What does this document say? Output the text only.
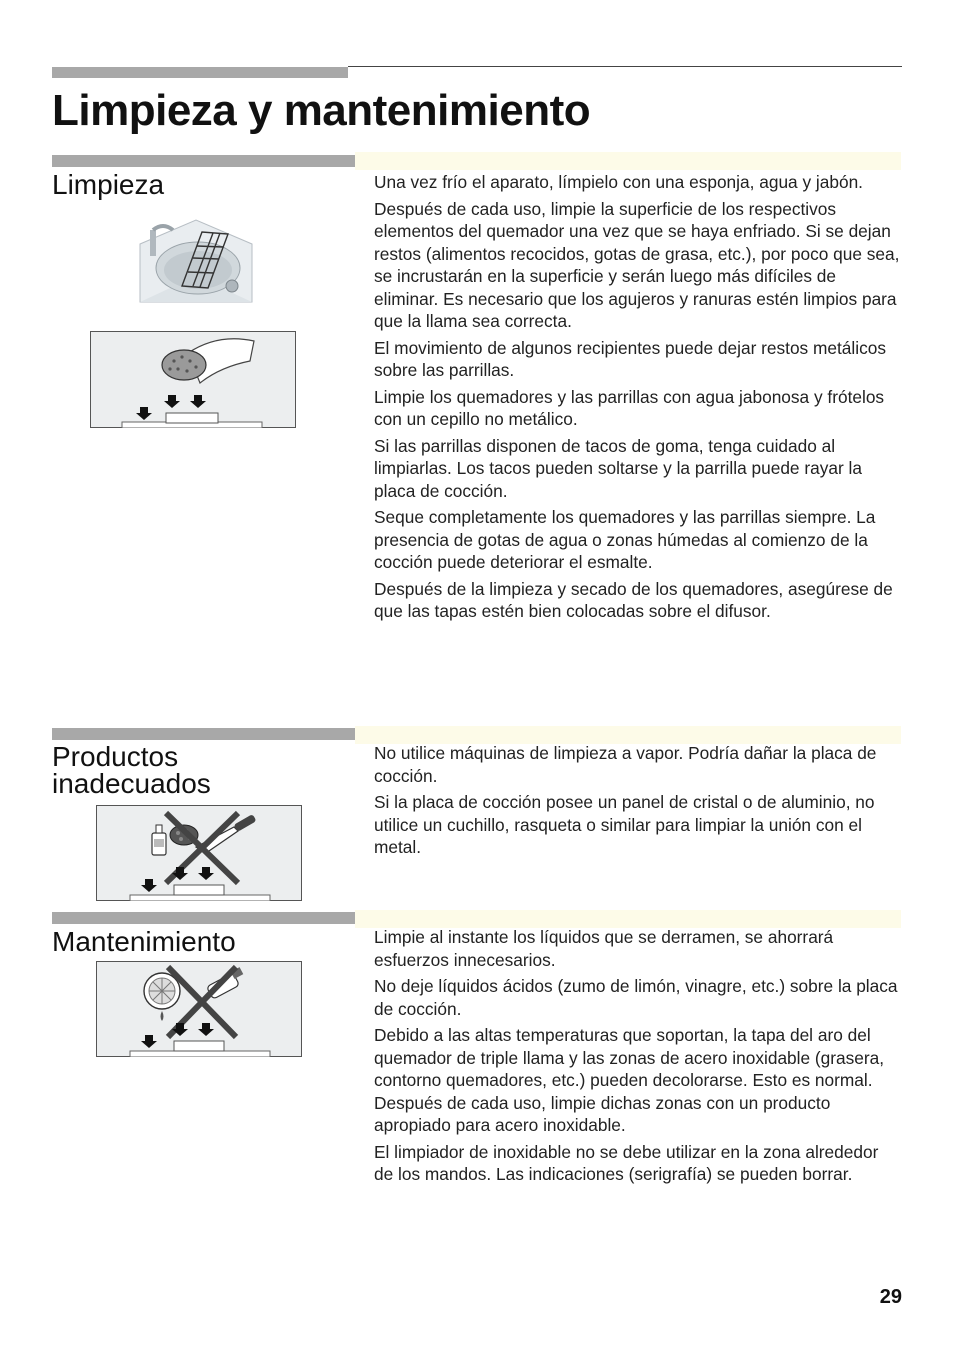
Limpieza y mantenimiento
Limpieza	Una vez frío el aparato, límpielo con una esponja, agua y jabón.

Después de cada uso, limpie la superficie de los respectivos elementos del quemador una vez que se haya enfriado. Si se dejan restos (alimentos recocidos, gotas de grasa, etc.), por poco que sea, se incrustarán en la superficie y serán luego más difíciles de eliminar. Es necesario que los agujeros y ranuras estén limpios para que la llama sea correcta.

El movimiento de algunos recipientes puede dejar restos metálicos sobre las parrillas.

Limpie los quemadores y las parrillas con agua jabonosa y frótelos con un cepillo no metálico.

Si las parrillas disponen de tacos de goma, tenga cuidado al limpiarlas. Los tacos pueden soltarse y la parrilla puede rayar la placa de cocción.

Seque completamente los quemadores y las parrillas siempre. La presencia de gotas de agua o zonas húmedas al comienzo de la cocción puede deteriorar el esmalte.

Después de la limpieza y secado de los quemadores, asegúrese de que las tapas estén bien colocadas sobre el difusor.

Productos
inadecuados

No utilice máquinas de limpieza a vapor. Podría dañar la placa de cocción.

Si la placa de cocción posee un panel de cristal o de aluminio, no utilice un cuchillo, rasqueta o similar para limpiar la unión con el metal.

Mantenimiento	Limpie al instante los líquidos que se derramen, se ahorrará esfuerzos innecesarios.

No deje líquidos ácidos (zumo de limón, vinagre, etc.) sobre la placa de cocción.

Debido a las altas temperaturas que soportan, la tapa del aro del quemador de triple llama y las zonas de acero inoxidable (grasera, contorno quemadores, etc.) pueden decolorarse. Esto es normal. Después de cada uso, limpie dichas zonas con un producto apropiado para acero inoxidable.

El limpiador de inoxidable no se debe utilizar en la zona alrededor de los mandos. Las indicaciones (serigrafía) se pueden borrar.

29
